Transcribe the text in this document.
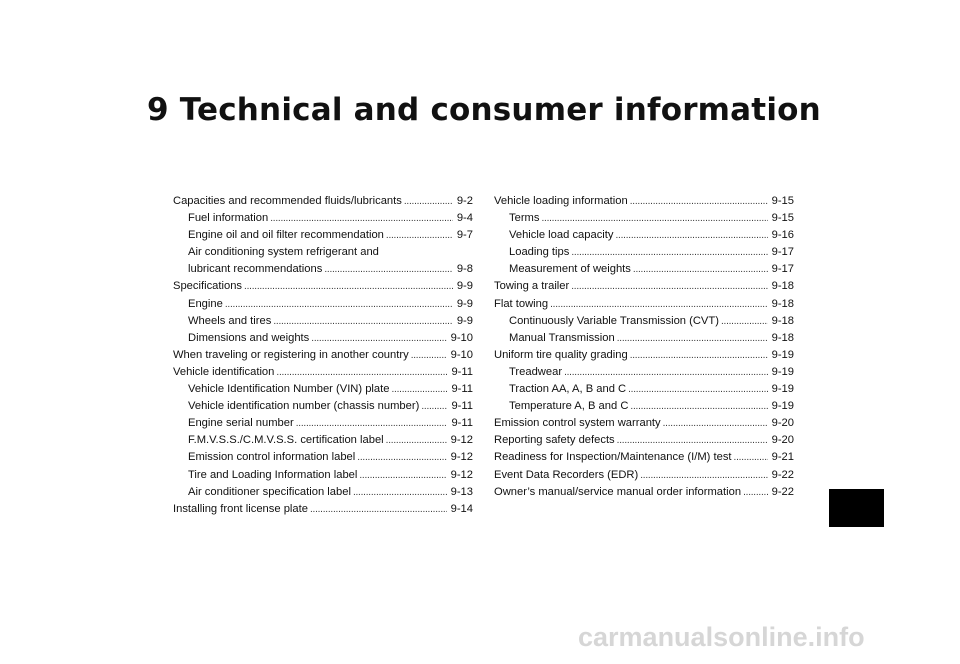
9 Technical and consumer information
Capacities and recommended fluids/lubricants . . .	9-2
Fuel information . . .	9-4
Engine oil and oil filter recommendation . . .	9-7
Air conditioning system refrigerant and
lubricant recommendations . . .	9-8
Specifications . . .	9-9
Engine . . .	9-9
Wheels and tires . . .	9-9
Dimensions and weights . . .	9-10
When traveling or registering in another country . . .	9-10
Vehicle identification . . .	9-11
Vehicle Identification Number (VIN) plate . . .	9-11
Vehicle identification number (chassis number) . . .	9-11
Engine serial number . . .	9-11
F.M.V.S.S./C.M.V.S.S. certification label . . .	9-12
Emission control information label . . .	9-12
Tire and Loading Information label . . .	9-12
Air conditioner specification label . . .	9-13
Installing front license plate . . .	9-14
Vehicle loading information . . .	9-15
Terms . . .	9-15
Vehicle load capacity . . .	9-16
Loading tips . . .	9-17
Measurement of weights . . .	9-17
Towing a trailer . . .	9-18
Flat towing . . .	9-18
Continuously Variable Transmission (CVT) . . .	9-18
Manual Transmission . . .	9-18
Uniform tire quality grading . . .	9-19
Treadwear . . .	9-19
Traction AA, A, B and C . . .	9-19
Temperature A, B and C . . .	9-19
Emission control system warranty . . .	9-20
Reporting safety defects . . .	9-20
Readiness for Inspection/Maintenance (I/M) test . . .	9-21
Event Data Recorders (EDR) . . .	9-22
Owner’s manual/service manual order information . . .	9-22
carmanualsonline.info
